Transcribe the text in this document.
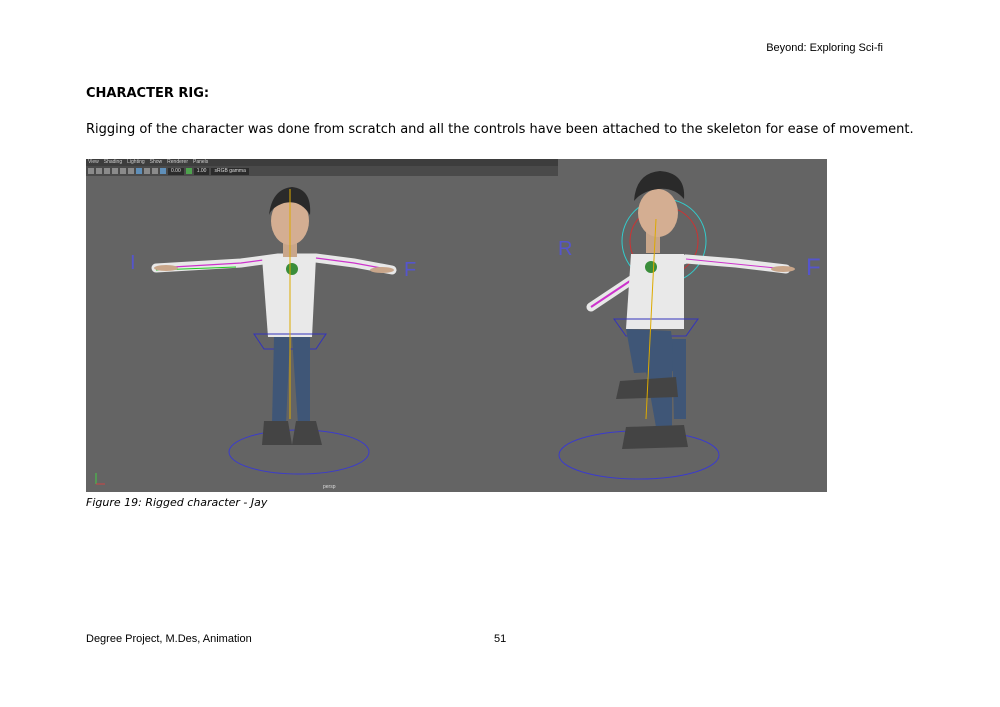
Beyond: Exploring Sci-fi
CHARACTER RIG:
Rigging of the character was done from scratch and all the controls have been attached to the skeleton for ease of movement.
I	F
R
F
View Shading Lighting Show Renderer Panels
0.00	1.00	sRGB gamma
persp
Figure 19: Rigged character - Jay
Degree Project, M.Des, Animation	51
